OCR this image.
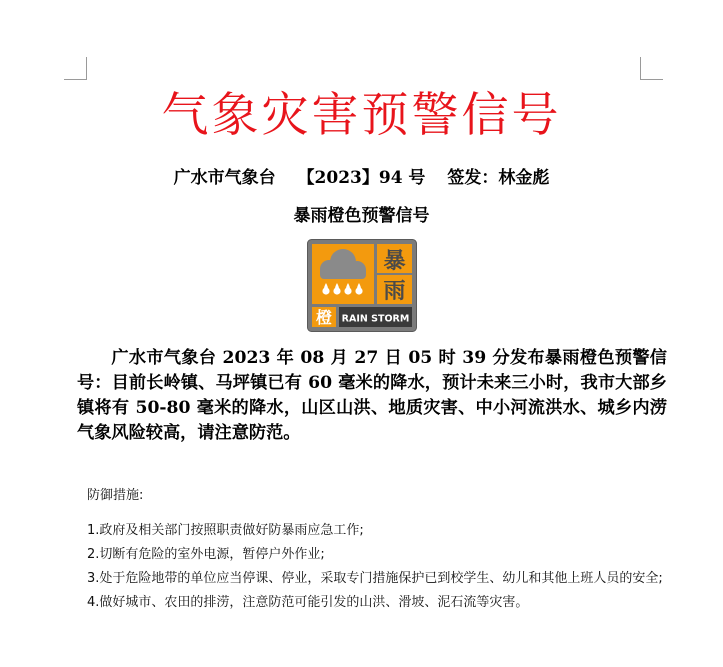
气象灾害预警信号
广水市气象台 【2023】94 号 签发：林金彪
暴雨橙色预警信号
暴
雨
橙 RAIN STORM
广水市气象台 2023 年 08 月 27 日 05 时 39 分发布暴雨橙色预警信号：目前长岭镇、马坪镇已有 60 毫米的降水，预计未来三小时，我市大部乡镇将有 50-80 毫米的降水，山区山洪、地质灾害、中小河流洪水、城乡内涝气象风险较高，请注意防范。

防御措施:

1.政府及相关部门按照职责做好防暴雨应急工作;

2.切断有危险的室外电源，暂停户外作业;

3.处于危险地带的单位应当停课、停业，采取专门措施保护已到校学生、幼儿和其他上班人员的安全;

4.做好城市、农田的排涝，注意防范可能引发的山洪、滑坡、泥石流等灾害。
